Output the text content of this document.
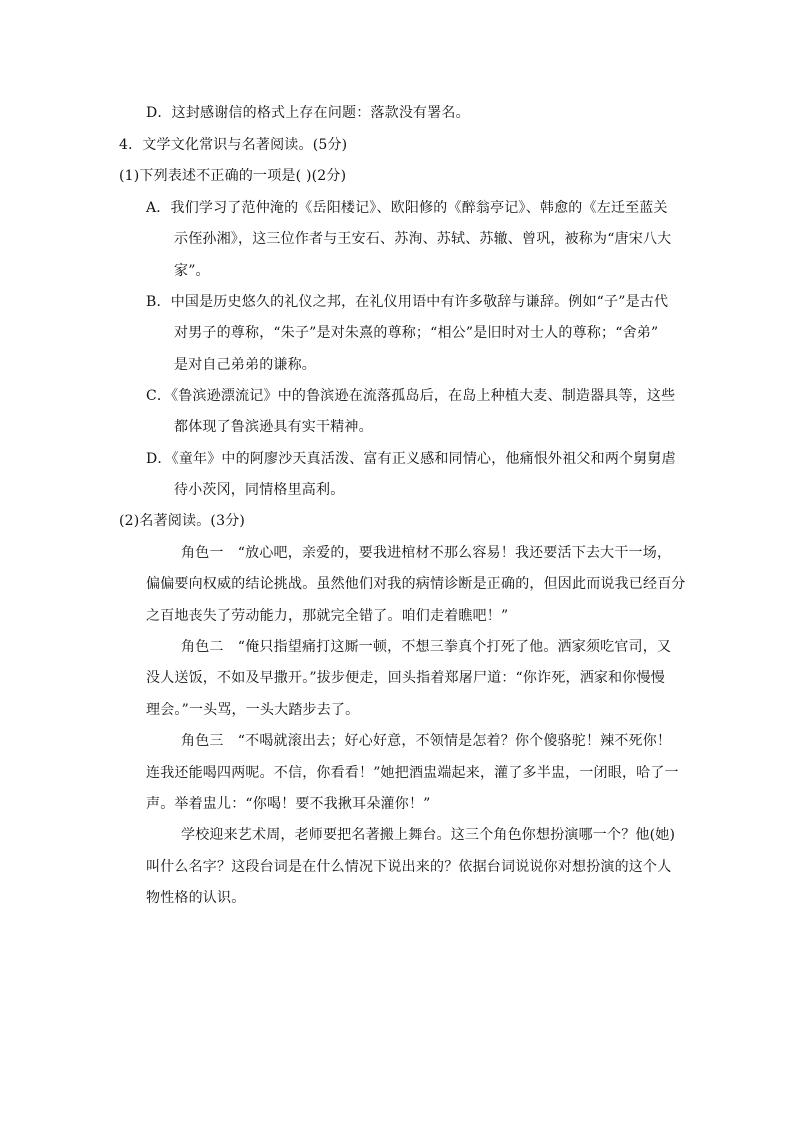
D．这封感谢信的格式上存在问题：落款没有署名。
4．文学文化常识与名著阅读。(5分)
(1)下列表述不正确的一项是( )(2分)
A．我们学习了范仲淹的《岳阳楼记》、欧阳修的《醉翁亭记》、韩愈的《左迁至蓝关
示侄孙湘》，这三位作者与王安石、苏洵、苏轼、苏辙、曾巩，被称为“唐宋八大
家”。
B．中国是历史悠久的礼仪之邦，在礼仪用语中有许多敬辞与谦辞。例如“子”是古代
对男子的尊称，“朱子”是对朱熹的尊称；“相公”是旧时对士人的尊称；“舍弟”
是对自己弟弟的谦称。
C．《鲁滨逊漂流记》中的鲁滨逊在流落孤岛后，在岛上种植大麦、制造器具等，这些
都体现了鲁滨逊具有实干精神。
D．《童年》中的阿廖沙天真活泼、富有正义感和同情心，他痛恨外祖父和两个舅舅虐
待小茨冈，同情格里高利。
(2)名著阅读。(3分)
角色一　“放心吧，亲爱的，要我进棺材不那么容易！我还要活下去大干一场，
偏偏要向权威的结论挑战。虽然他们对我的病情诊断是正确的，但因此而说我已经百分
之百地丧失了劳动能力，那就完全错了。咱们走着瞧吧！”
角色二　“俺只指望痛打这厮一顿，不想三拳真个打死了他。洒家须吃官司，又
没人送饭，不如及早撒开。”拔步便走，回头指着郑屠尸道：“你诈死，洒家和你慢慢
理会。”一头骂，一头大踏步去了。
角色三　“不喝就滚出去；好心好意，不领情是怎着？你个傻骆驼！辣不死你！
连我还能喝四两呢。不信，你看看！”她把酒盅端起来，灌了多半盅，一闭眼，哈了一
声。举着盅儿：“你喝！要不我揪耳朵灌你！”
学校迎来艺术周，老师要把名著搬上舞台。这三个角色你想扮演哪一个？他(她)
叫什么名字？这段台词是在什么情况下说出来的？依据台词说说你对想扮演的这个人
物性格的认识。
